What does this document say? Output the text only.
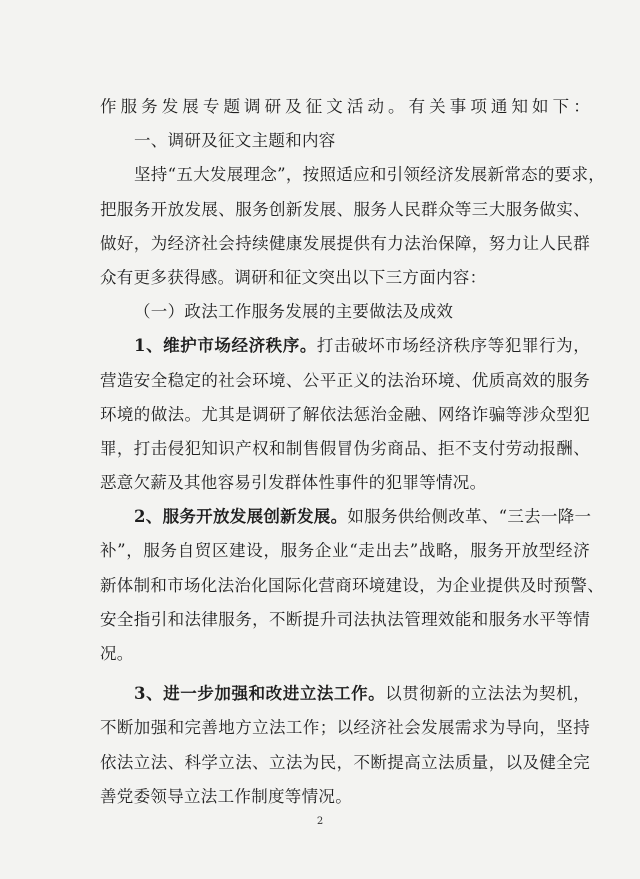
作服务发展专题调研及征文活动。有关事项通知如下：
一、调研及征文主题和内容
坚持“五大发展理念”，按照适应和引领经济发展新常态的要求，
把服务开放发展、服务创新发展、服务人民群众等三大服务做实、
做好，为经济社会持续健康发展提供有力法治保障，努力让人民群
众有更多获得感。调研和征文突出以下三方面内容：
（一）政法工作服务发展的主要做法及成效
1、维护市场经济秩序。打击破坏市场经济秩序等犯罪行为，
营造安全稳定的社会环境、公平正义的法治环境、优质高效的服务
环境的做法。尤其是调研了解依法惩治金融、网络诈骗等涉众型犯
罪，打击侵犯知识产权和制售假冒伪劣商品、拒不支付劳动报酬、
恶意欠薪及其他容易引发群体性事件的犯罪等情况。
2、服务开放发展创新发展。如服务供给侧改革、“三去一降一
补”，服务自贸区建设，服务企业“走出去”战略，服务开放型经济
新体制和市场化法治化国际化营商环境建设，为企业提供及时预警、
安全指引和法律服务，不断提升司法执法管理效能和服务水平等情
况。
3、进一步加强和改进立法工作。以贯彻新的立法法为契机，
不断加强和完善地方立法工作；以经济社会发展需求为导向，坚持
依法立法、科学立法、立法为民，不断提高立法质量，以及健全完
善党委领导立法工作制度等情况。
2
